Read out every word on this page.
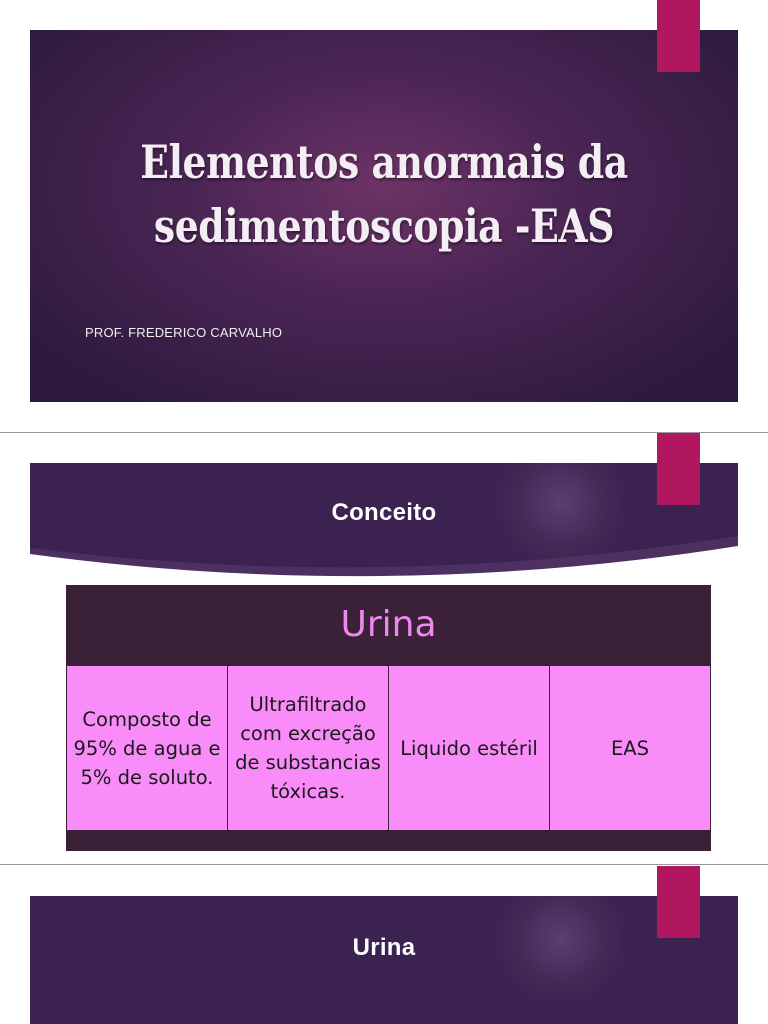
Elementos anormais da
sedimentoscopia -EAS
PROF. FREDERICO CARVALHO
Conceito
Urina
Composto de 95% de agua e 5% de soluto.
Ultrafiltrado com excreção de substancias tóxicas.
Liquido estéril	EAS
Urina
